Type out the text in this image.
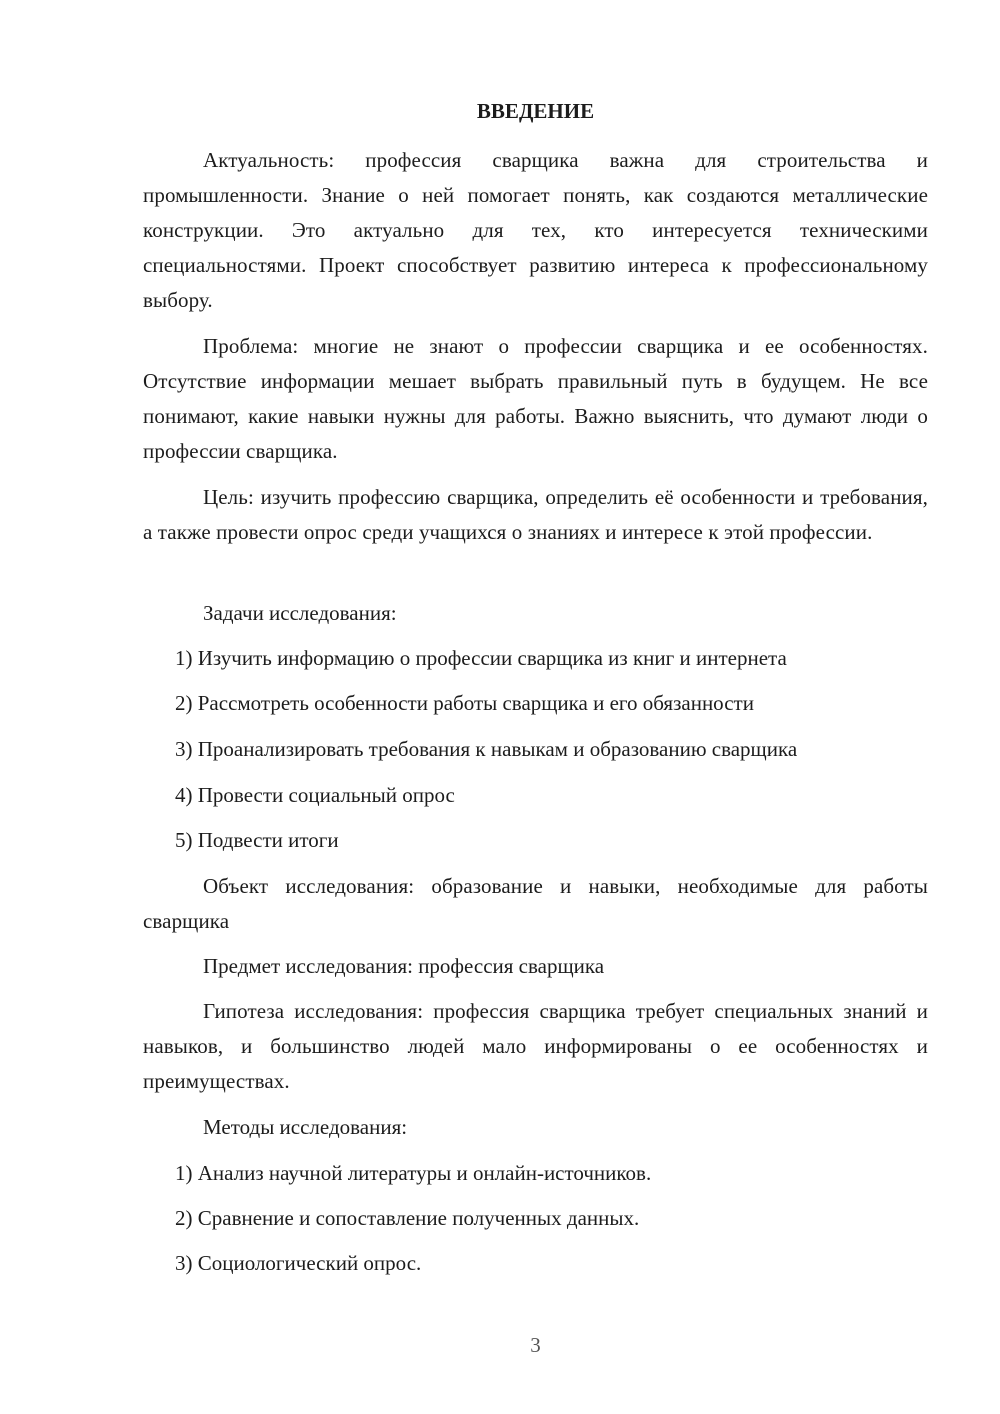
ВВЕДЕНИЕ

Актуальность: профессия сварщика важна для строительства и промышленности. Знание о ней помогает понять, как создаются металлические конструкции. Это актуально для тех, кто интересуется техническими специальностями. Проект способствует развитию интереса к профессиональному выбору.

Проблема: многие не знают о профессии сварщика и ее особенностях. Отсутствие информации мешает выбрать правильный путь в будущем. Не все понимают, какие навыки нужны для работы. Важно выяснить, что думают люди о профессии сварщика.

Цель: изучить профессию сварщика, определить её особенности и требования, а также провести опрос среди учащихся о знаниях и интересе к этой профессии.

Задачи исследования:

1) Изучить информацию о профессии сварщика из книг и интернета

2) Рассмотреть особенности работы сварщика и его обязанности

3) Проанализировать требования к навыкам и образованию сварщика

4) Провести социальный опрос

5) Подвести итоги

Объект исследования: образование и навыки, необходимые для работы сварщика

Предмет исследования: профессия сварщика

Гипотеза исследования: профессия сварщика требует специальных знаний и навыков, и большинство людей мало информированы о ее особенностях и преимуществах.

Методы исследования:

1) Анализ научной литературы и онлайн-источников.

2) Сравнение и сопоставление полученных данных.

3) Социологический опрос.

3
